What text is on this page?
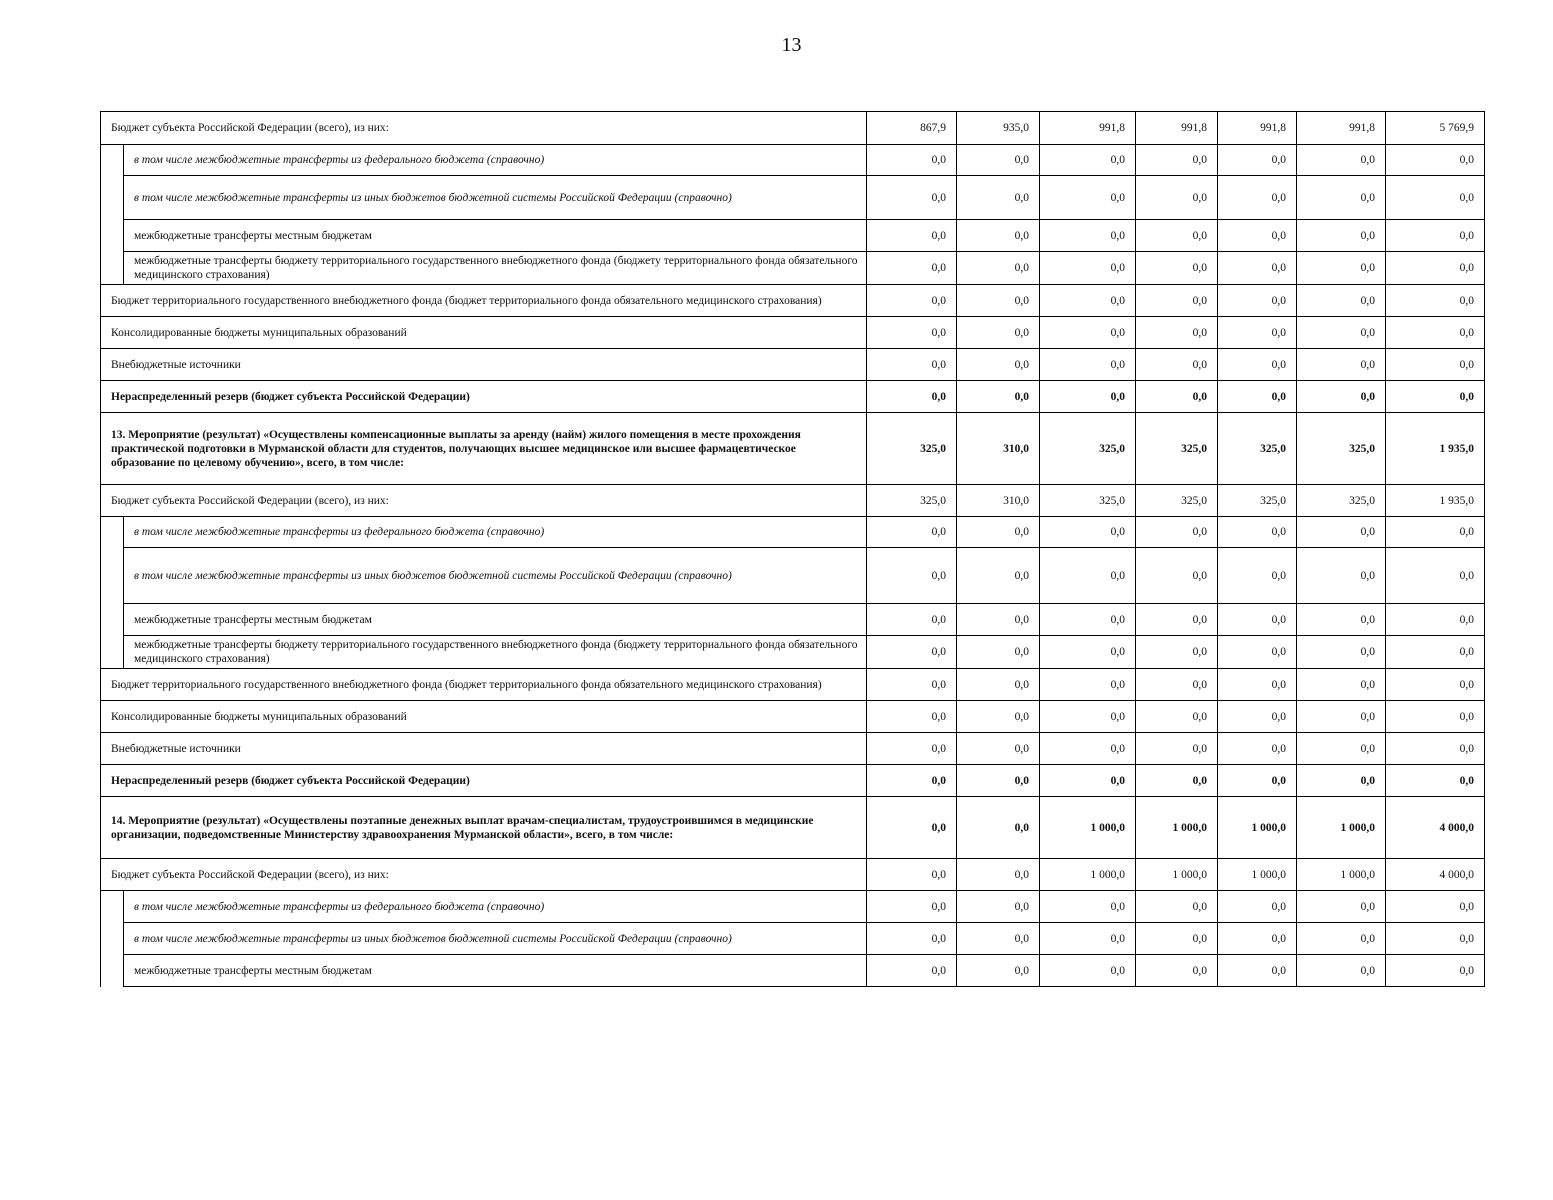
13
Бюджет субъекта Российской Федерации (всего), из них:		867,9	935,0	991,8	991,8	991,8	991,8	5 769,9
	в том числе межбюджетные трансферты из федерального бюджета (справочно)	0,0	0,0	0,0	0,0	0,0	0,0	0,0
	в том числе межбюджетные трансферты из иных бюджетов бюджетной системы Российской Федерации (справочно)	0,0	0,0	0,0	0,0	0,0	0,0	0,0
	межбюджетные трансферты местным бюджетам	0,0	0,0	0,0	0,0	0,0	0,0	0,0
	межбюджетные трансферты бюджету территориального государственного внебюджетного фонда (бюджету территориального фонда обязательного медицинского страхования)	0,0	0,0	0,0	0,0	0,0	0,0	0,0
Бюджет территориального государственного внебюджетного фонда (бюджет территориального фонда обязательного медицинского страхования)		0,0	0,0	0,0	0,0	0,0	0,0	0,0
Консолидированные бюджеты муниципальных образований		0,0	0,0	0,0	0,0	0,0	0,0	0,0
Внебюджетные источники		0,0	0,0	0,0	0,0	0,0	0,0	0,0
Нераспределенный резерв (бюджет субъекта Российской Федерации)		0,0	0,0	0,0	0,0	0,0	0,0	0,0
13. Мероприятие (результат) «Осуществлены компенсационные выплаты за аренду (найм) жилого помещения в месте прохождения практической подготовки в Мурманской области для студентов, получающих высшее медицинское или высшее фармацевтическое образование по целевому обучению», всего, в том числе:		325,0	310,0	325,0	325,0	325,0	325,0	1 935,0
Бюджет субъекта Российской Федерации (всего), из них:		325,0	310,0	325,0	325,0	325,0	325,0	1 935,0
	в том числе межбюджетные трансферты из федерального бюджета (справочно)	0,0	0,0	0,0	0,0	0,0	0,0	0,0
	в том числе межбюджетные трансферты из иных бюджетов бюджетной системы Российской Федерации (справочно)	0,0	0,0	0,0	0,0	0,0	0,0	0,0
	межбюджетные трансферты местным бюджетам	0,0	0,0	0,0	0,0	0,0	0,0	0,0
	межбюджетные трансферты бюджету территориального государственного внебюджетного фонда (бюджету территориального фонда обязательного медицинского страхования)	0,0	0,0	0,0	0,0	0,0	0,0	0,0
Бюджет территориального государственного внебюджетного фонда (бюджет территориального фонда обязательного медицинского страхования)		0,0	0,0	0,0	0,0	0,0	0,0	0,0
Консолидированные бюджеты муниципальных образований		0,0	0,0	0,0	0,0	0,0	0,0	0,0
Внебюджетные источники		0,0	0,0	0,0	0,0	0,0	0,0	0,0
Нераспределенный резерв (бюджет субъекта Российской Федерации)		0,0	0,0	0,0	0,0	0,0	0,0	0,0
14. Мероприятие (результат) «Осуществлены поэтапные денежных выплат врачам-специалистам, трудоустроившимся в медицинские организации, подведомственные Министерству здравоохранения Мурманской области», всего, в том числе:		0,0	0,0	1 000,0	1 000,0	1 000,0	1 000,0	4 000,0
Бюджет субъекта Российской Федерации (всего), из них:		0,0	0,0	1 000,0	1 000,0	1 000,0	1 000,0	4 000,0
	в том числе межбюджетные трансферты из федерального бюджета (справочно)	0,0	0,0	0,0	0,0	0,0	0,0	0,0
	в том числе межбюджетные трансферты из иных бюджетов бюджетной системы Российской Федерации (справочно)	0,0	0,0	0,0	0,0	0,0	0,0	0,0
	межбюджетные трансферты местным бюджетам	0,0	0,0	0,0	0,0	0,0	0,0	0,0
